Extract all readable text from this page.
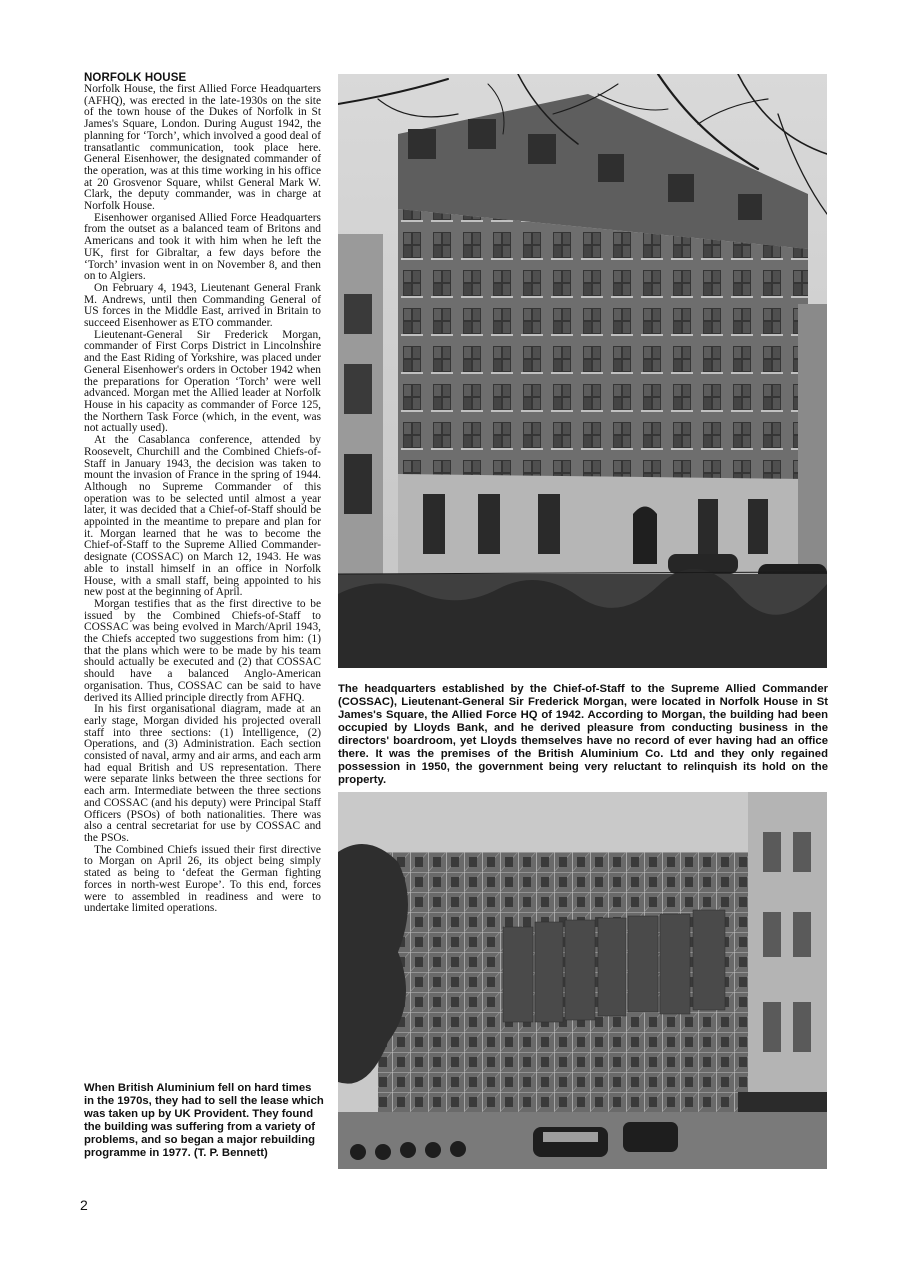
NORFOLK HOUSE

Norfolk House, the first Allied Force Headquarters (AFHQ), was erected in the late-1930s on the site of the town house of the Dukes of Norfolk in St James's Square, London. During August 1942, the planning for ‘Torch’, which involved a good deal of transatlantic communication, took place here. General Eisenhower, the designated commander of the operation, was at this time working in his office at 20 Grosvenor Square, whilst General Mark W. Clark, the deputy commander, was in charge at Norfolk House.

Eisenhower organised Allied Force Headquarters from the outset as a balanced team of Britons and Americans and took it with him when he left the UK, first for Gibraltar, a few days before the ‘Torch’ invasion went in on November 8, and then on to Algiers.

On February 4, 1943, Lieutenant General Frank M. Andrews, until then Commanding General of US forces in the Middle East, arrived in Britain to succeed Eisenhower as ETO commander.

Lieutenant-General Sir Frederick Morgan, commander of First Corps District in Lincolnshire and the East Riding of Yorkshire, was placed under General Eisenhower's orders in October 1942 when the preparations for Operation ‘Torch’ were well advanced. Morgan met the Allied leader at Norfolk House in his capacity as commander of Force 125, the Northern Task Force (which, in the event, was not actually used).

At the Casablanca conference, attended by Roosevelt, Churchill and the Combined Chiefs-of-Staff in January 1943, the decision was taken to mount the invasion of France in the spring of 1944. Although no Supreme Commander of this operation was to be selected until almost a year later, it was decided that a Chief-of-Staff should be appointed in the meantime to prepare and plan for it. Morgan learned that he was to become the Chief-of-Staff to the Supreme Allied Commander-designate (COSSAC) on March 12, 1943. He was able to install himself in an office in Norfolk House, with a small staff, being appointed to his new post at the beginning of April.

Morgan testifies that as the first directive to be issued by the Combined Chiefs-of-Staff to COSSAC was being evolved in March/April 1943, the Chiefs accepted two suggestions from him: (1) that the plans which were to be made by his team should actually be executed and (2) that COSSAC should have a balanced Anglo-American organisation. Thus, COSSAC can be said to have derived its Allied principle directly from AFHQ.

In his first organisational diagram, made at an early stage, Morgan divided his projected overall staff into three sections: (1) Intelligence, (2) Operations, and (3) Administration. Each section consisted of naval, army and air arms, and each arm had equal British and US representation. There were separate links between the three sections for each arm. Intermediate between the three sections and COSSAC (and his deputy) were Principal Staff Officers (PSOs) of both nationalities. There was also a central secretariat for use by COSSAC and the PSOs.

The Combined Chiefs issued their first directive to Morgan on April 26, its object being simply stated as being to ‘defeat the German fighting forces in north-west Europe’. To this end, forces were to assembled in readiness and were to undertake limited operations.

When British Aluminium fell on hard times in the 1970s, they had to sell the lease which was taken up by UK Provident. They found the building was suffering from a variety of problems, and so began a major rebuilding programme in 1977. (T. P. Bennett)

The headquarters established by the Chief-of-Staff to the Supreme Allied Commander (COSSAC), Lieutenant-General Sir Frederick Morgan, were located in Norfolk House in St James's Square, the Allied Force HQ of 1942. According to Morgan, the building had been occupied by Lloyds Bank, and he derived pleasure from conducting business in the directors' boardroom, yet Lloyds themselves have no record of ever having had an office there. It was the premises of the British Aluminium Co. Ltd and they only regained possession in 1950, the government being very reluctant to relinquish its hold on the property.

2
